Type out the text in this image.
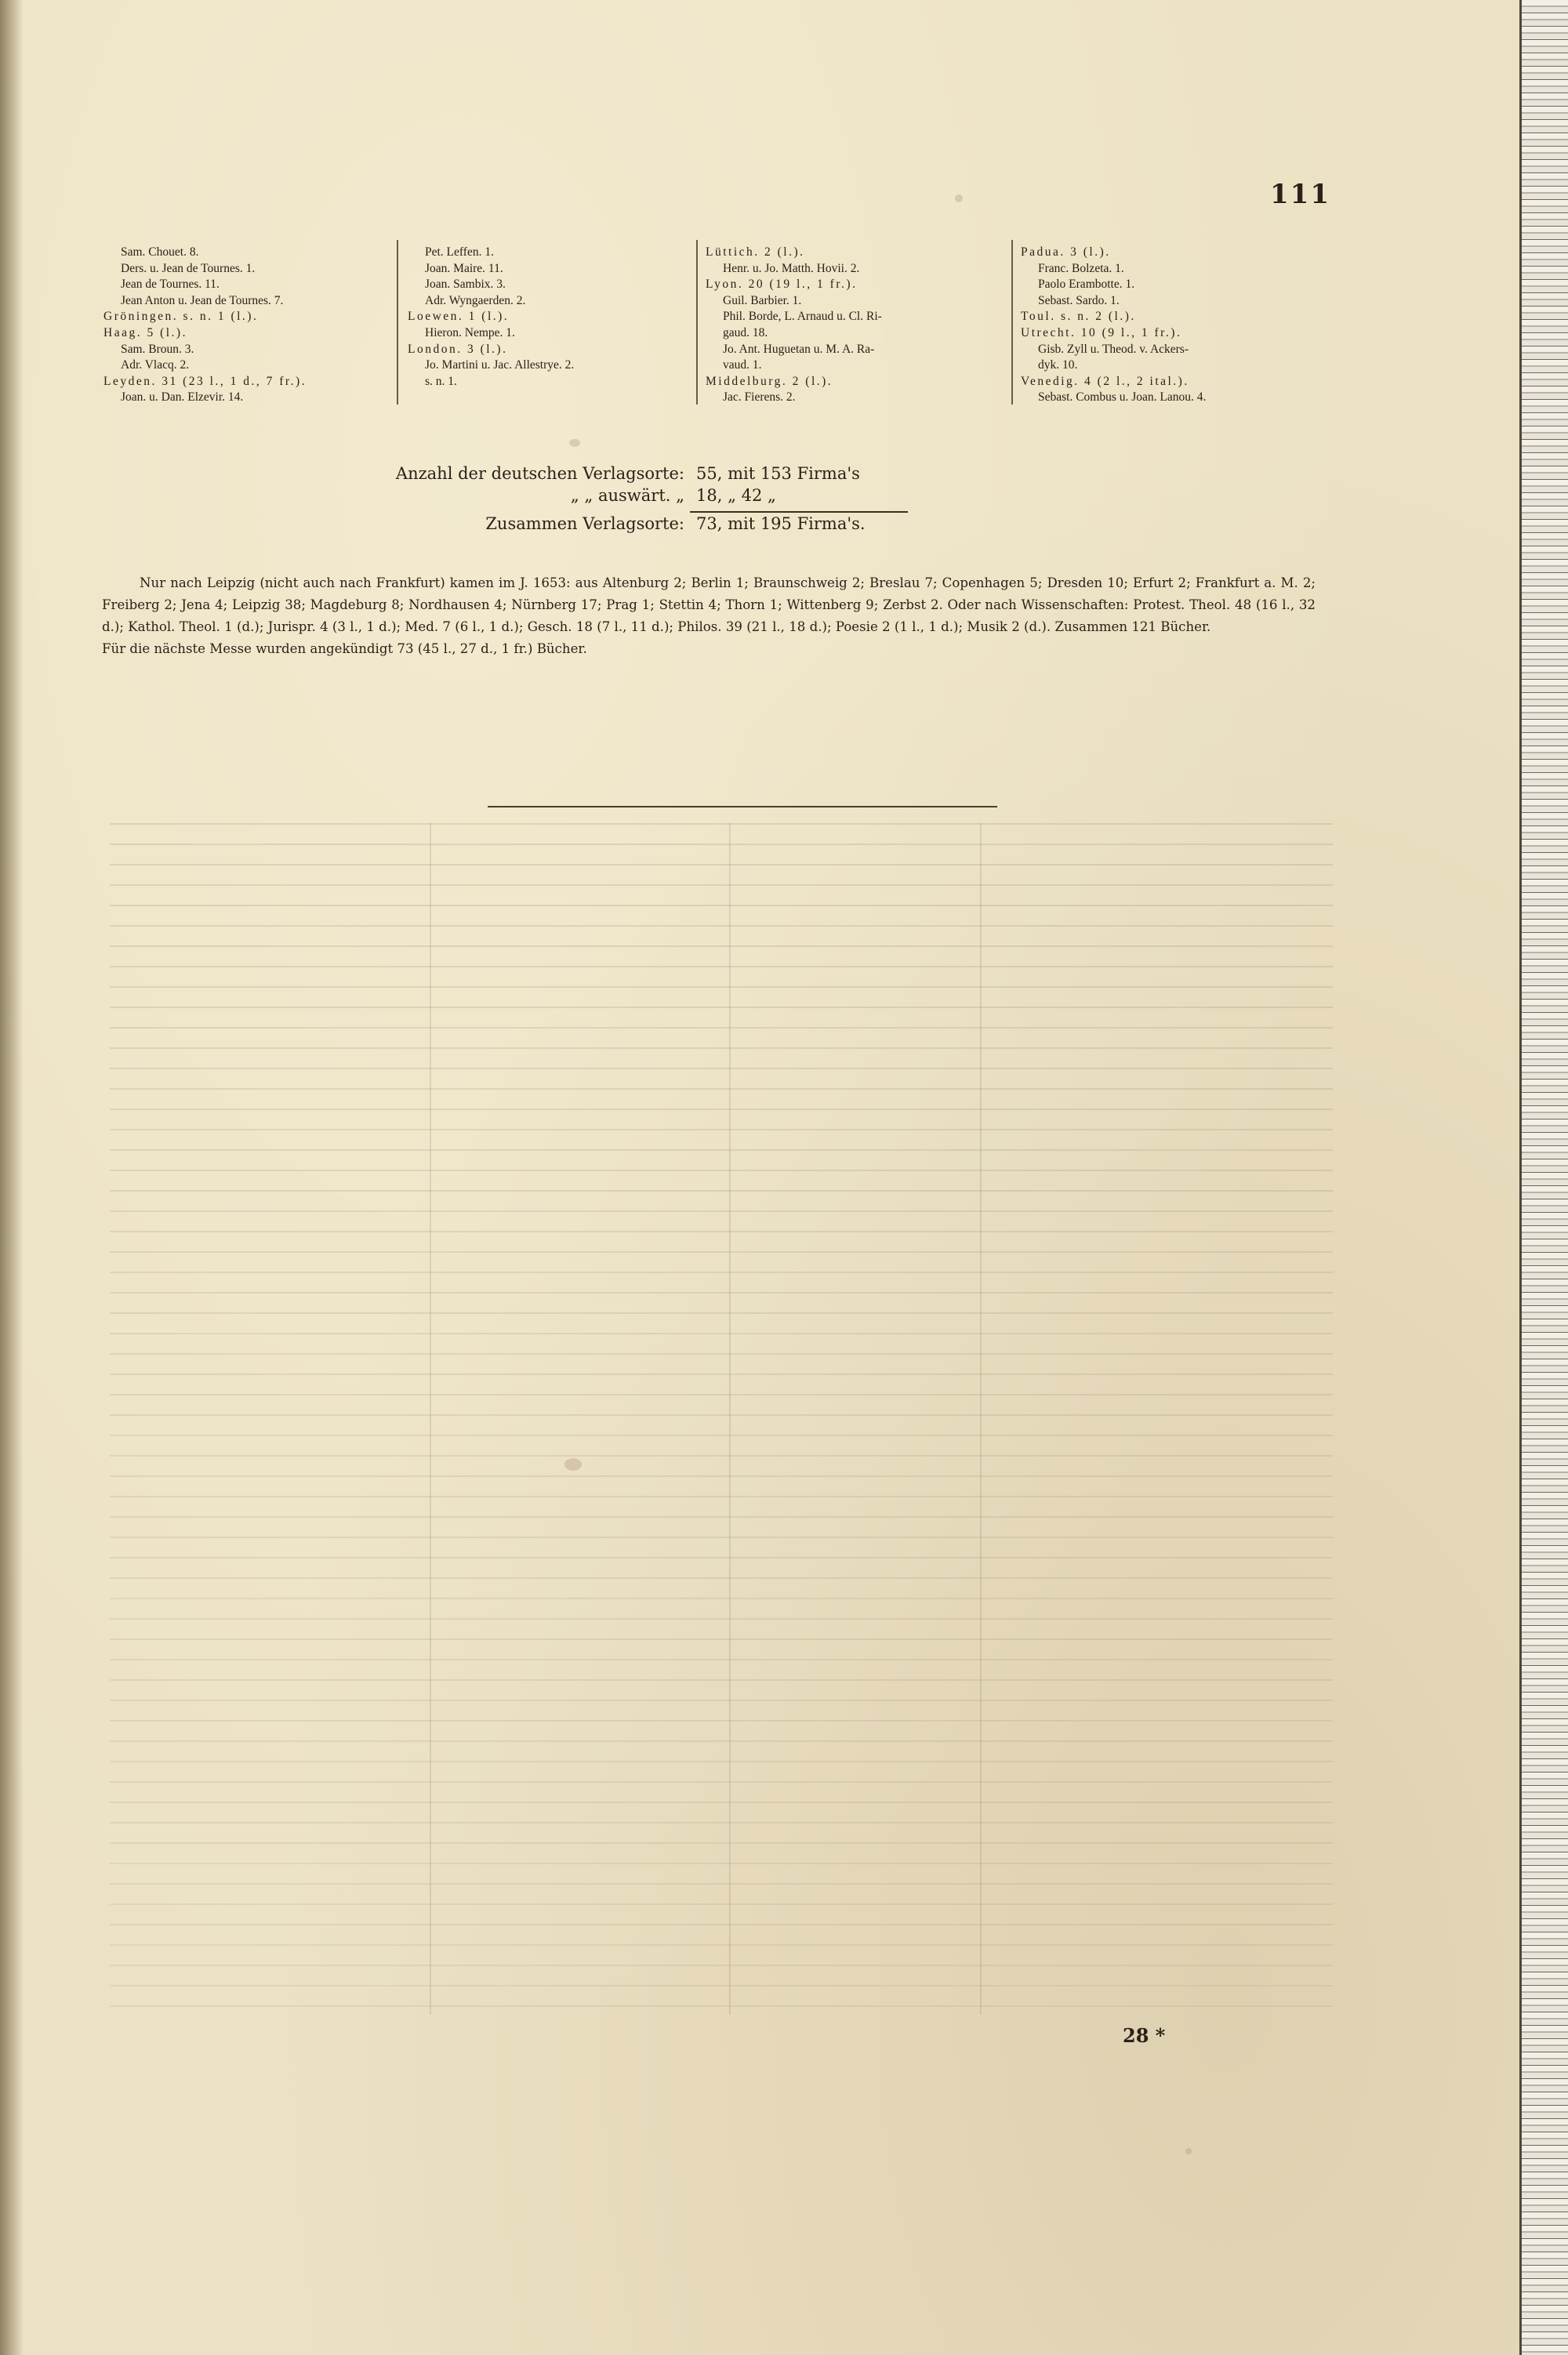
111
Sam. Chouet. 8.
Ders. u. Jean de Tournes. 1.
Jean de Tournes. 11.
Jean Anton u. Jean de Tournes. 7.
Gröningen. s. n. 1 (l.).
Haag. 5 (l.).
Sam. Broun. 3.
Adr. Vlacq. 2.
Leyden. 31 (23 l., 1 d., 7 fr.).
Joan. u. Dan. Elzevir. 14.
Pet. Leffen. 1.
Joan. Maire. 11.
Joan. Sambix. 3.
Adr. Wyngaerden. 2.
Loewen. 1 (l.).
Hieron. Nempe. 1.
London. 3 (l.).
Jo. Martini u. Jac. Allestrye. 2.
s. n. 1.
Lüttich. 2 (l.).
Henr. u. Jo. Matth. Hovii. 2.
Lyon. 20 (19 l., 1 fr.).
Guil. Barbier. 1.
Phil. Borde, L. Arnaud u. Cl. Ri-
gaud. 18.
Jo. Ant. Huguetan u. M. A. Ra-
vaud. 1.
Middelburg. 2 (l.).
Jac. Fierens. 2.
Padua. 3 (l.).
Franc. Bolzeta. 1.
Paolo Erambotte. 1.
Sebast. Sardo. 1.
Toul. s. n. 2 (l.).
Utrecht. 10 (9 l., 1 fr.).
Gisb. Zyll u. Theod. v. Ackers-
dyk. 10.
Venedig. 4 (2 l., 2 ital.).
Sebast. Combus u. Joan. Lanou. 4.
Anzahl der deutschen Verlagsorte: 55, mit 153 Firma's
„ „ auswärt. „ 18, „ 42 „
Zusammen Verlagsorte: 73, mit 195 Firma's.

Nur nach Leipzig (nicht auch nach Frankfurt) kamen im J. 1653: aus Altenburg 2; Berlin 1; Braunschweig 2; Breslau 7; Copenhagen 5; Dresden 10; Erfurt 2; Frankfurt a. M. 2; Freiberg 2; Jena 4; Leipzig 38; Magdeburg 8; Nordhausen 4; Nürnberg 17; Prag 1; Stettin 4; Thorn 1; Wittenberg 9; Zerbst 2. Oder nach Wissenschaften: Protest. Theol. 48 (16 l., 32 d.); Kathol. Theol. 1 (d.); Jurispr. 4 (3 l., 1 d.); Med. 7 (6 l., 1 d.); Gesch. 18 (7 l., 11 d.); Philos. 39 (21 l., 18 d.); Poesie 2 (1 l., 1 d.); Musik 2 (d.). Zusammen 121 Bücher.

Für die nächste Messe wurden angekündigt 73 (45 l., 27 d., 1 fr.) Bücher.

28 *
